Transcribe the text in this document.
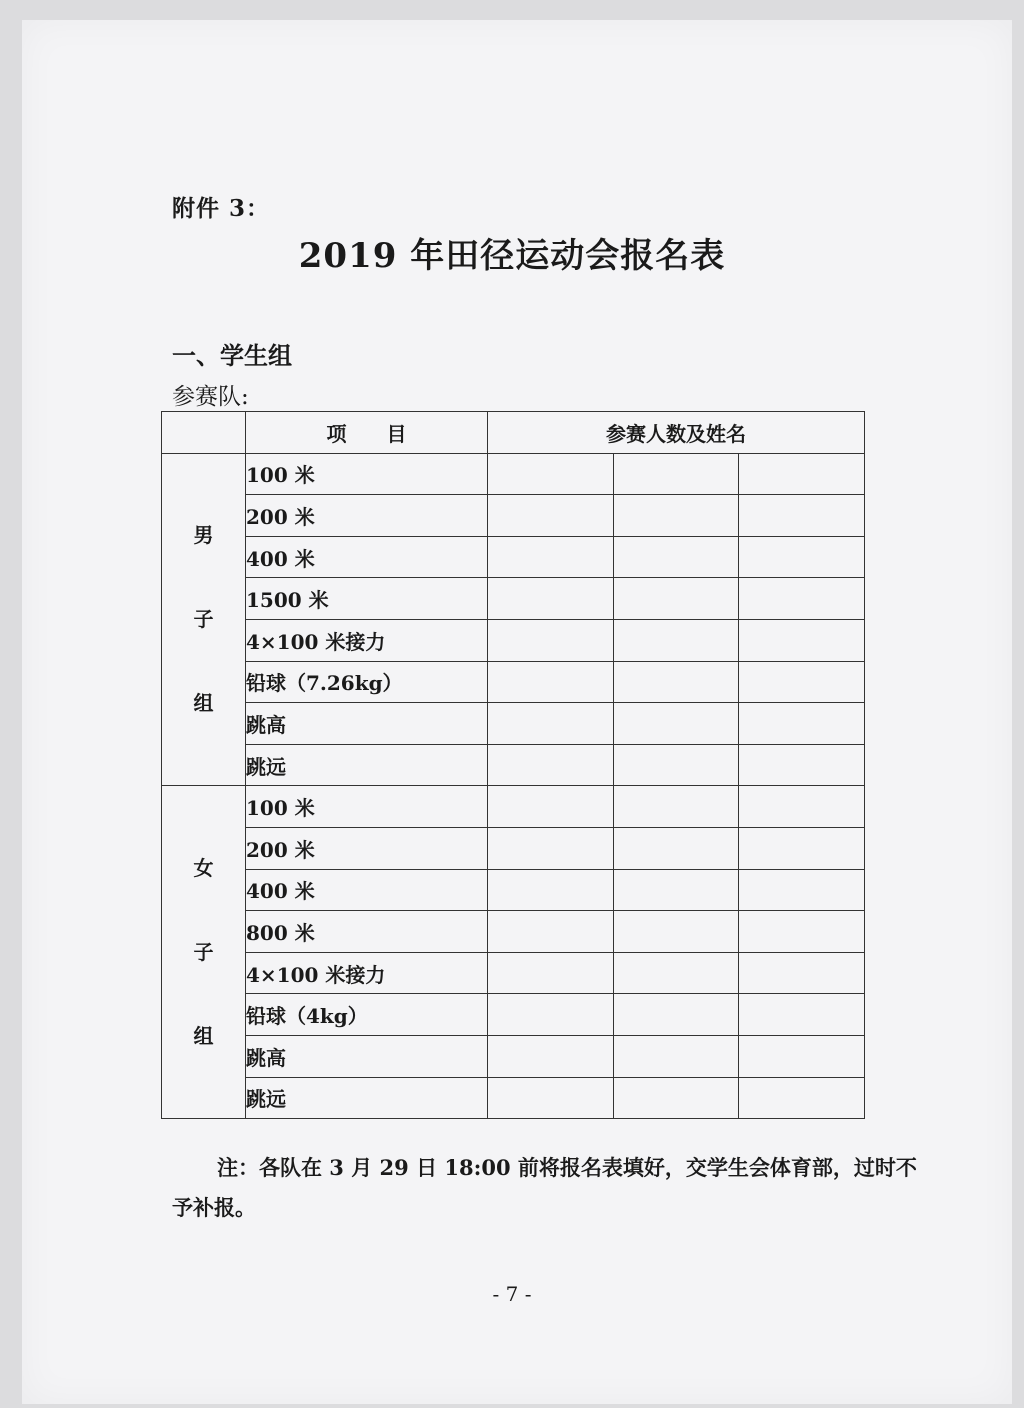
附件 3：
2019 年田径运动会报名表
一、学生组
参赛队:
	项　　目	参赛人数及姓名		

男
子
组	100 米			
	200 米			
	400 米			
	1500 米			
	4×100 米接力			
	铅球（7.26kg）			
	跳高			
	跳远			

女
子
组	100 米			
	200 米			
	400 米			
	800 米			
	4×100 米接力			
	铅球（4kg）			
	跳高			
	跳远			
注：各队在 3 月 29 日 18:00 前将报名表填好，交学生会体育部，过时不予补报。
- 7 -
